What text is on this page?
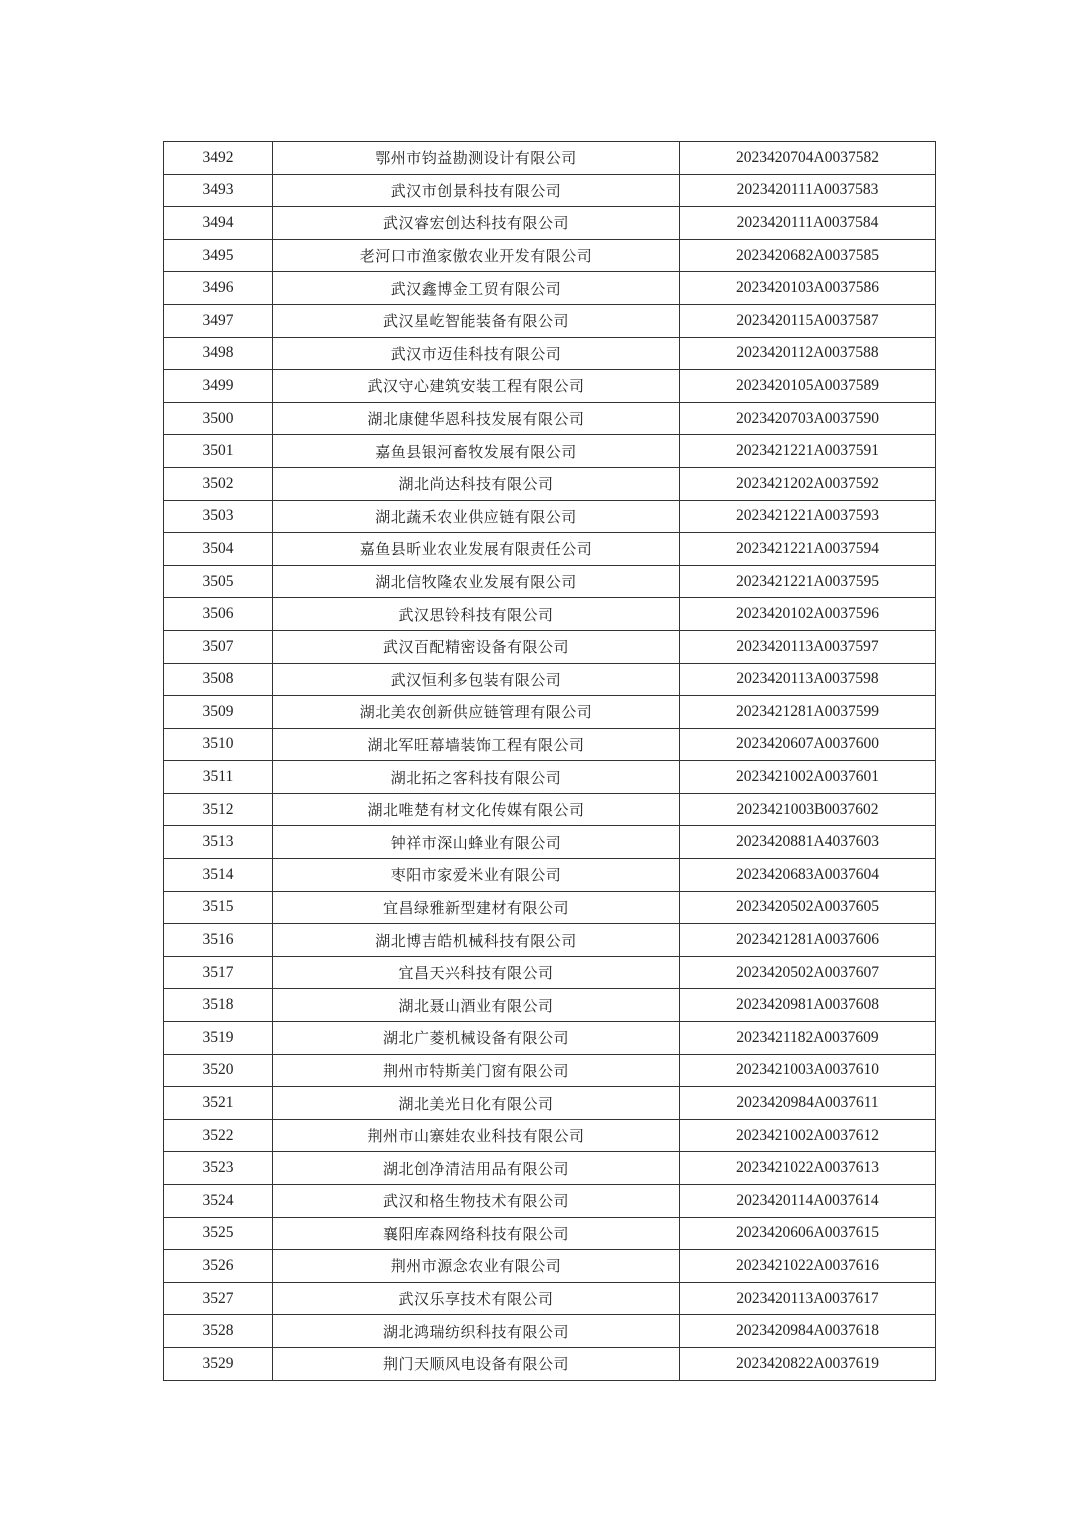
3492	鄂州市钧益勘测设计有限公司	2023420704A0037582
3493	武汉市创景科技有限公司	2023420111A0037583
3494	武汉睿宏创达科技有限公司	2023420111A0037584
3495	老河口市渔家傲农业开发有限公司	2023420682A0037585
3496	武汉鑫博金工贸有限公司	2023420103A0037586
3497	武汉星屹智能装备有限公司	2023420115A0037587
3498	武汉市迈佳科技有限公司	2023420112A0037588
3499	武汉守心建筑安装工程有限公司	2023420105A0037589
3500	湖北康健华恩科技发展有限公司	2023420703A0037590
3501	嘉鱼县银河畜牧发展有限公司	2023421221A0037591
3502	湖北尚达科技有限公司	2023421202A0037592
3503	湖北蔬禾农业供应链有限公司	2023421221A0037593
3504	嘉鱼县昕业农业发展有限责任公司	2023421221A0037594
3505	湖北信牧隆农业发展有限公司	2023421221A0037595
3506	武汉思铃科技有限公司	2023420102A0037596
3507	武汉百配精密设备有限公司	2023420113A0037597
3508	武汉恒利多包装有限公司	2023420113A0037598
3509	湖北美农创新供应链管理有限公司	2023421281A0037599
3510	湖北军旺幕墙装饰工程有限公司	2023420607A0037600
3511	湖北拓之客科技有限公司	2023421002A0037601
3512	湖北唯楚有材文化传媒有限公司	2023421003B0037602
3513	钟祥市深山蜂业有限公司	2023420881A4037603
3514	枣阳市家爱米业有限公司	2023420683A0037604
3515	宜昌绿雅新型建材有限公司	2023420502A0037605
3516	湖北博吉皓机械科技有限公司	2023421281A0037606
3517	宜昌天兴科技有限公司	2023420502A0037607
3518	湖北聂山酒业有限公司	2023420981A0037608
3519	湖北广菱机械设备有限公司	2023421182A0037609
3520	荆州市特斯美门窗有限公司	2023421003A0037610
3521	湖北美光日化有限公司	2023420984A0037611
3522	荆州市山寨娃农业科技有限公司	2023421002A0037612
3523	湖北创净清洁用品有限公司	2023421022A0037613
3524	武汉和格生物技术有限公司	2023420114A0037614
3525	襄阳库森网络科技有限公司	2023420606A0037615
3526	荆州市源念农业有限公司	2023421022A0037616
3527	武汉乐享技术有限公司	2023420113A0037617
3528	湖北鸿瑞纺织科技有限公司	2023420984A0037618
3529	荆门天顺风电设备有限公司	2023420822A0037619
